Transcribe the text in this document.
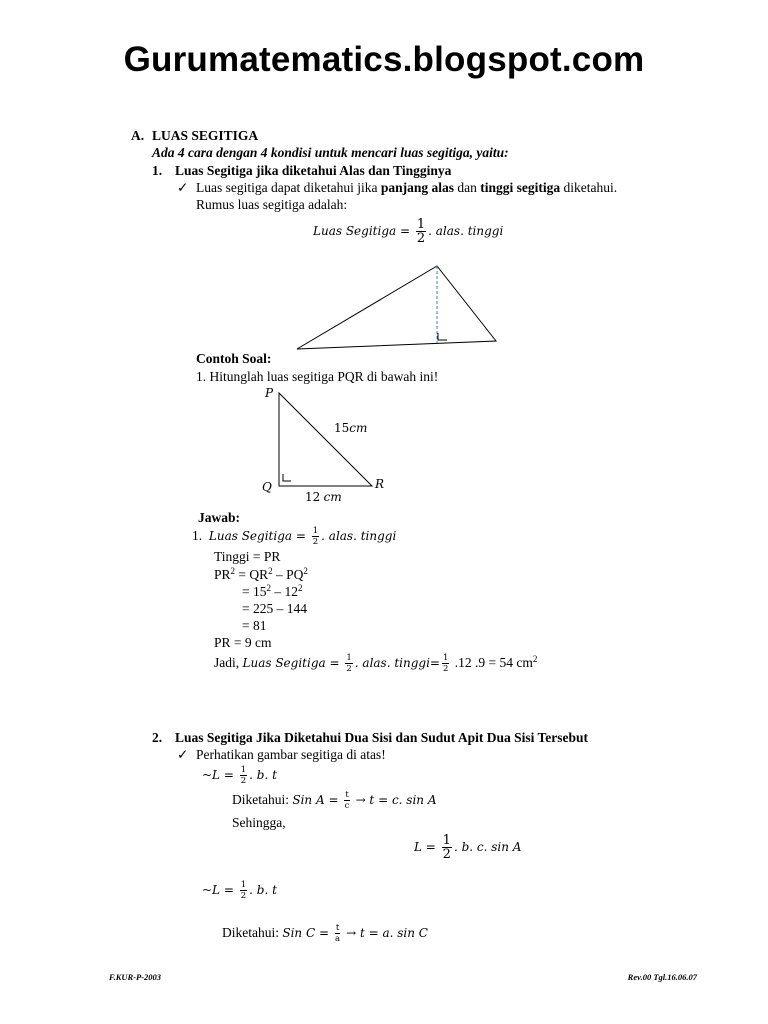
Gurumatematics.blogspot.com
A. LUAS SEGITIGA
Ada 4 cara dengan 4 kondisi untuk mencari luas segitiga, yaitu:
1. Luas Segitiga jika diketahui Alas dan Tingginya
✓ Luas segitiga dapat diketahui jika panjang alas dan tinggi segitiga diketahui.
Rumus luas segitiga adalah:
Luas Segitiga = $\frac{1}{2}$ . alas. tinggi
Contoh Soal:
1. Hitunglah luas segitiga PQR di bawah ini!
P
15cm
Q	R
12 cm
Jawab:
1. Luas Segitiga = $\frac{1}{2}$ . alas. tinggi
Tinggi = PR
$PR^2 = QR^2 - PQ^2$
= $15^2 - 12^2$
= 225 – 144
= 81
PR = 9 cm
Jadi, Luas Segitiga = $\frac{1}{2}$ . alas. tinggi= $\frac{1}{2} .12$ .9 = 54 $cm^2$
2. Luas Segitiga Jika Diketahui Dua Sisi dan Sudut Apit Dua Sisi Tersebut
✓ Perhatikan gambar segitiga di atas!
~L = $\frac{1}{2}$ . b. t
Diketahui: Sin $A = \frac{t}{c} \to t = c$. sin A
Sehingga,
$L = \frac{1}{2}$ . b. c. sin A
~L = $\frac{1}{2}$ . b. t
Diketahui: Sin $C = \frac{t}{a} \to t = a$. sin C
F.KUR-P-2003	Rev.00 Tgl.16.06.07
